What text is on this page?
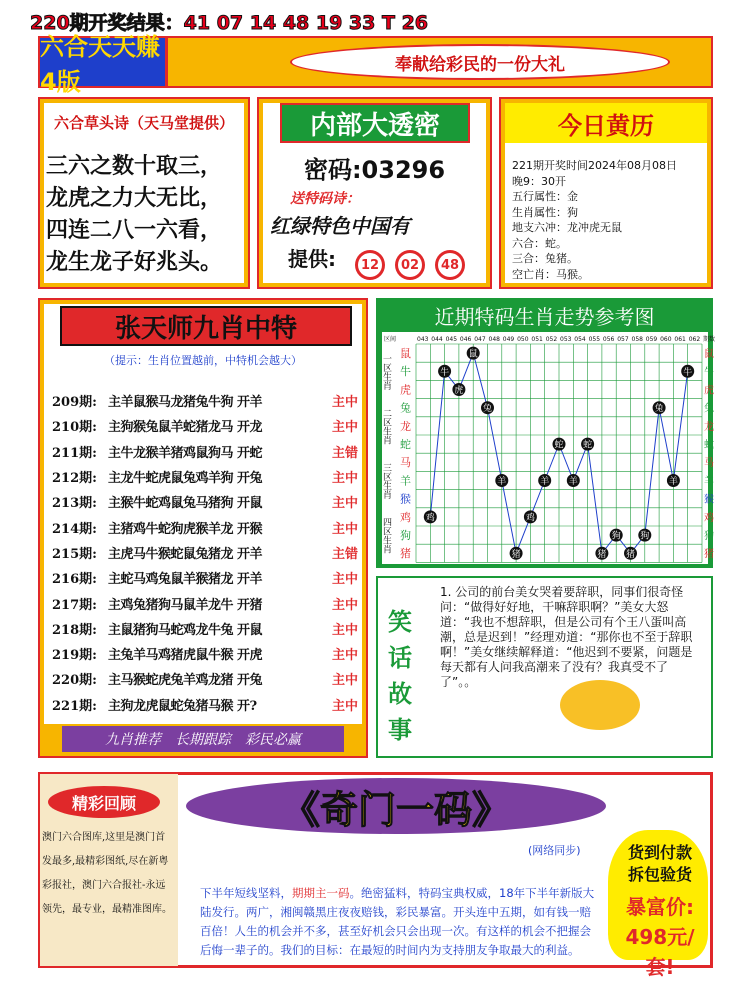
220期开奖结果：41 07 14 48 19 33 T 26
六合天天赚4版
奉献给彩民的一份大礼
六合草头诗（天马堂提供）
三六之数十取三，
龙虎之力大无比，
四连二八一六看，
龙生龙子好兆头。
内部大透密
密码:03296
送特码诗：
红绿特色中国有
提供: 12 02 48
今日黄历
221期开奖时间2024年08月08日
晚9：30开
五行属性：金
生肖属性：狗
地支六冲：龙冲虎无鼠
六合：蛇。
三合：兔猪。
空亡肖：马猴。
张天师九肖中特
（提示：生肖位置越前，中特机会越大）
209期: 主羊鼠猴马龙猪兔牛狗 开羊	主中
210期: 主狗猴兔鼠羊蛇猪龙马 开龙	主中
211期: 主牛龙猴羊猪鸡鼠狗马 开蛇	主错
212期: 主龙牛蛇虎鼠兔鸡羊狗 开兔	主中
213期: 主猴牛蛇鸡鼠兔马猪狗 开鼠	主中
214期: 主猪鸡牛蛇狗虎猴羊龙 开猴	主中
215期: 主虎马牛猴蛇鼠兔猪龙 开羊	主错
216期: 主蛇马鸡兔鼠羊猴猪龙 开羊	主中
217期: 主鸡兔猪狗马鼠羊龙牛 开猪	主中
218期: 主鼠猪狗马蛇鸡龙牛兔 开鼠	主中
219期: 主兔羊马鸡猪虎鼠牛猴 开虎	主中
220期: 主马猴蛇虎兔羊鸡龙猪 开兔	主中
221期: 主狗龙虎鼠蛇兔猪马猴 开?	主中
九肖推荐　长期跟踪　彩民必赢
近期特码生肖走势参考图
区间	期数
043 044 045 046 047 048 049 050 051 052 053 054 055 056 057 058 059 060 061 062
一区生肖
二区生肖
三区生肖
四区生肖
鼠	鼠
牛	牛
虎	虎
兔	兔
龙	龙
蛇	蛇
马	马
羊	羊
猴	猴
鸡	鸡
狗	狗
猪	猪
鸡
牛
虎
鼠
兔
羊
猪
鸡
羊
蛇
羊
蛇
猪
狗
猪
狗
兔
羊
牛
笑话故事
1. 公司的前台美女哭着要辞职，同事们很奇怪问：“做得好好地，干嘛辞职啊？”美女大怒道：“我也不想辞职，但是公司有个王八蛋叫高潮，总是迟到！”经理劝道：“那你也不至于辞职啊！”美女继续解释道：“他迟到不要紧，问题是每天都有人问我高潮来了没有？我真受不了了”。。
精彩回顾
澳门六合图库,这里是澳门首发最多,最精彩图纸,尽在新粤彩报社，澳门六合报社-永远领先，最专业，最精准图库。
《奇门一码》
(网络同步)
下半年短线坚料，期期主一码。绝密猛料，特码宝典权威，18年下半年新版大陆发行。两广，湘闽赣黑庄夜夜赔钱，彩民暴富。开头连中五期，如有钱一赔百倍！人生的机会并不多，甚至好机会只会出现一次。有这样的机会不把握会后悔一辈子的。我们的目标：在最短的时间内为支持朋友争取最大的利益。
货到付款
拆包验货
暴富价:
498元/套!
